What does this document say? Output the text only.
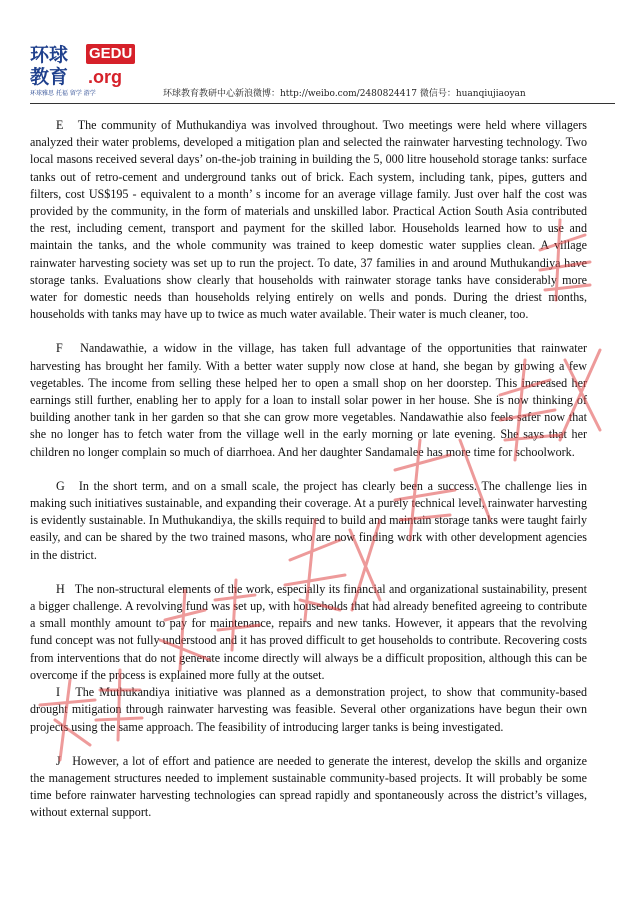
环球
教育
GEDU
.org
环球雅思 托福 留学 游学	环球教育教研中心新浪微博：http://weibo.com/2480824417 微信号：huanqiujiaoyan

E The community of Muthukandiya was involved throughout. Two meetings were held where villagers analyzed their water problems, developed a mitigation plan and selected the rainwater harvesting technology. Two local masons received several days’ on-the-job training in building the 5, 000 litre household storage tanks: surface tanks out of retro-cement and underground tanks out of brick. Each system, including tank, pipes, gutters and filters, cost US$195 - equivalent to a month’ s income for an average village family. Just over half the cost was provided by the community, in the form of materials and unskilled labor. Practical Action South Asia contributed the rest, including cement, transport and payment for the skilled labor. Households learned how to use and maintain the tanks, and the whole community was trained to keep domestic water supplies clean. A village rainwater harvesting society was set up to run the project. To date, 37 families in and around Muthukandiya have storage tanks. Evaluations show clearly that households with rainwater storage tanks have considerably more water for domestic needs than households relying entirely on wells and ponds. During the driest months, households with tanks may have up to twice as much water available. Their water is much cleaner, too.

F Nandawathie, a widow in the village, has taken full advantage of the opportunities that rainwater harvesting has brought her family. With a better water supply now close at hand, she began by growing a few vegetables. The income from selling these helped her to open a small shop on her doorstep. This increased her earnings still further, enabling her to apply for a loan to install solar power in her house. She is now thinking of building another tank in her garden so that she can grow more vegetables. Nandawathie also feels safer now that she no longer has to fetch water from the village well in the early morning or late evening. She says that her children no longer complain so much of diarrhoea. And her daughter Sandamalee has more time for schoolwork.

G In the short term, and on a small scale, the project has clearly been a success. The challenge lies in making such initiatives sustainable, and expanding their coverage. At a purely technical level, rainwater harvesting is evidently sustainable. In Muthukandiya, the skills required to build and maintain storage tanks were taught fairly easily, and can be shared by the two trained masons, who are now finding work with other development agencies in the district.

H The non-structural elements of the work, especially its financial and organizational sustainability, present a bigger challenge. A revolving fund was set up, with households that had already benefited agreeing to contribute a small monthly amount to pay for maintenance, repairs and new tanks. However, it appears that the revolving fund concept was not fully understood and it has proved difficult to get households to contribute. Recovering costs from interventions that do not generate income directly will always be a difficult proposition, although this can be overcome if the process is explained more fully at the outset.

I The Muthukandiya initiative was planned as a demonstration project, to show that community-based drought mitigation through rainwater harvesting was feasible. Several other organizations have begun their own projects using the same approach. The feasibility of introducing larger tanks is being investigated.

J However, a lot of effort and patience are needed to generate the interest, develop the skills and organize the management structures needed to implement sustainable community-based projects. It will probably be some time before rainwater harvesting technologies can spread rapidly and spontaneously across the district’s villages, without external support.
